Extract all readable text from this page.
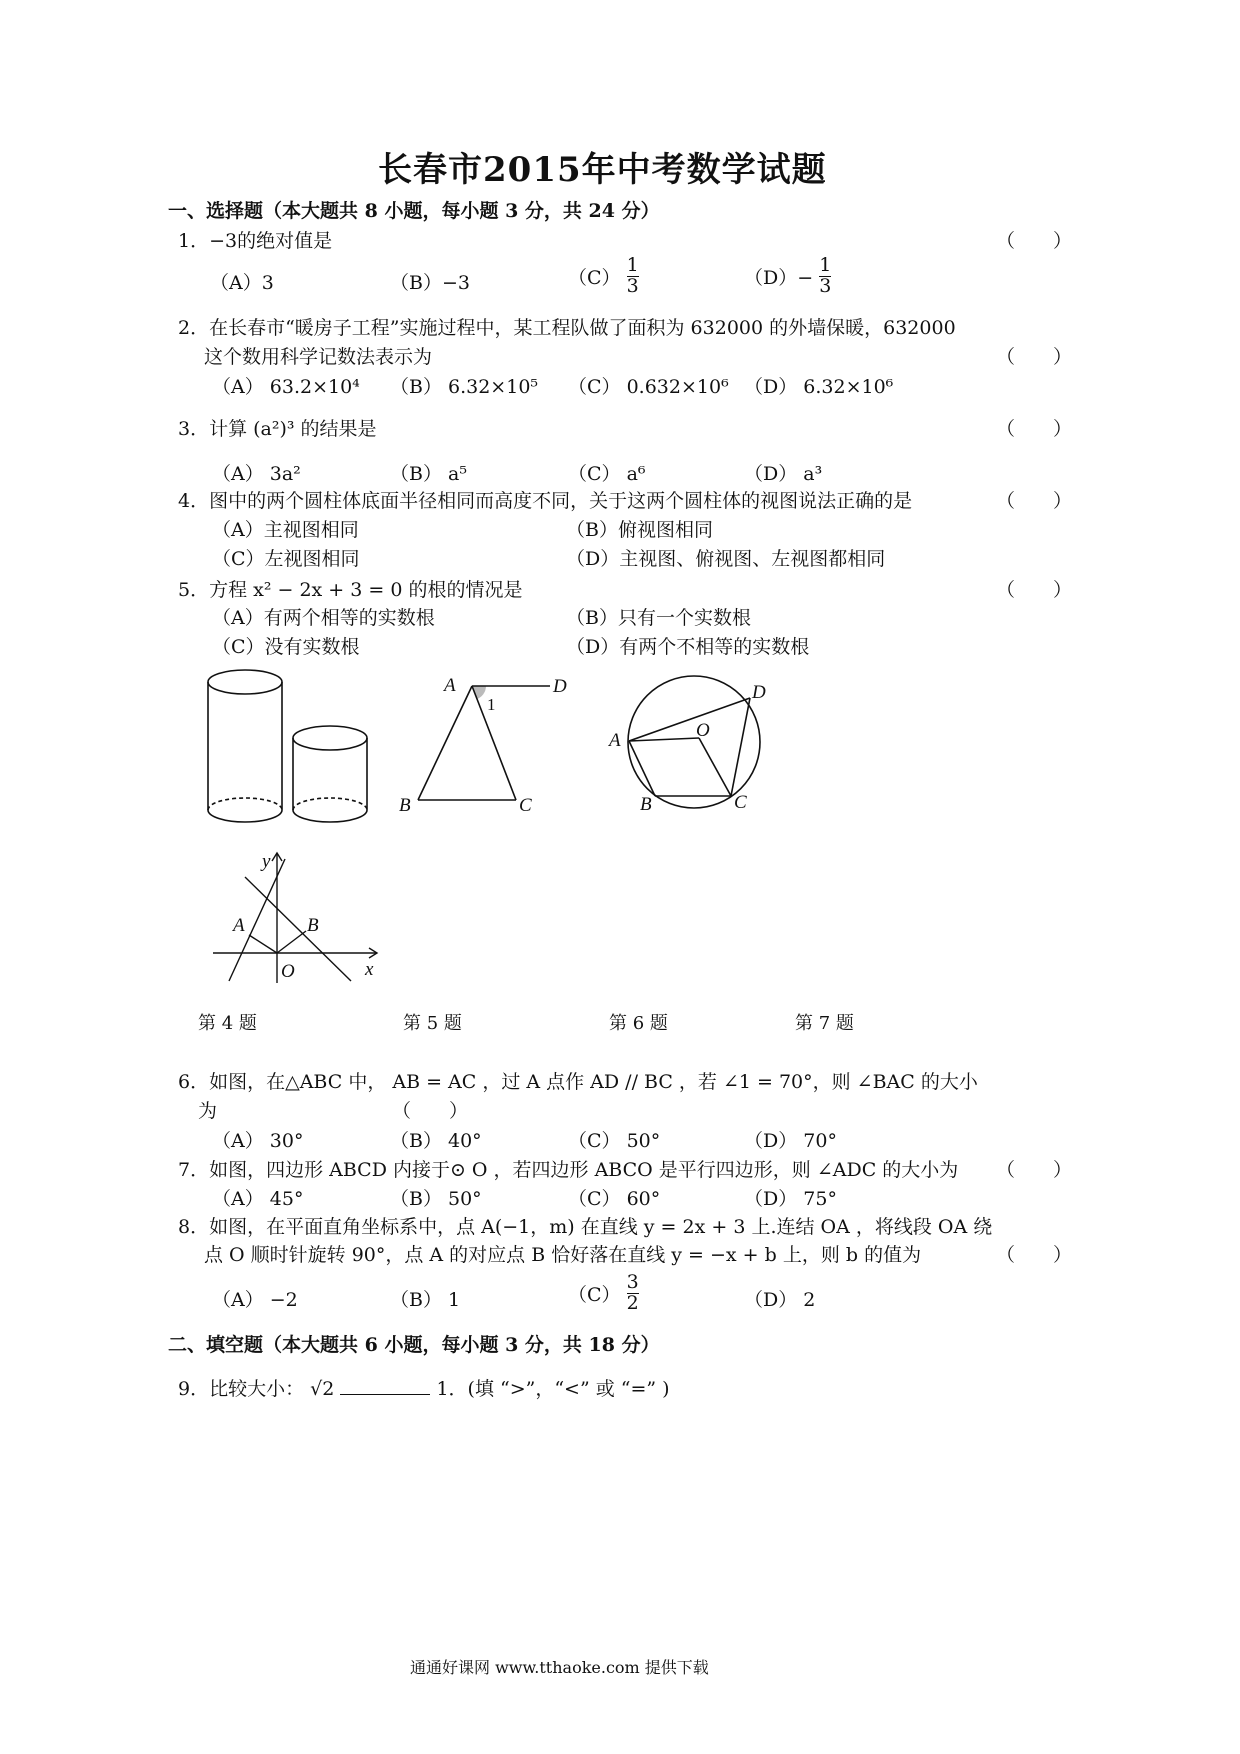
长春市2015年中考数学试题
一、选择题（本大题共 8 小题，每小题 3 分，共 24 分）
1．−3的绝对值是	（　　）
（A）3	（B）−3	$(C) \frac{1}{3}$	$(D)- \frac{1}{3}$
2．在长春市“暖房子工程”实施过程中，某工程队做了面积为 632000 的外墙保暖，632000
这个数用科学记数法表示为	（　　）
（A） 63.2×10⁴ （B） 6.32×10⁵ （C） 0.632×10⁶ （D） 6.32×10⁶
3．计算 (a²)³ 的结果是	（　　）
（A） 3a²	（B） a⁵	（C） a⁶	（D） a³
4．图中的两个圆柱体底面半径相同而高度不同，关于这两个圆柱体的视图说法正确的是	（　　）
（A）主视图相同	（B）俯视图相同
（C）左视图相同	（D）主视图、俯视图、左视图都相同
5．方程 x² − 2x + 3 = 0 的根的情况是	（　　）
（A）有两个相等的实数根	（B）只有一个实数根
（C）没有实数根	（D）有两个不相等的实数根
A	D
1
B	C
A
D
O
B	C
y
x
A	B
O
第 4 题	第 5 题	第 6 题	第 7 题
6．如图，在△ABC 中， AB = AC ，过 A 点作 AD // BC ，若 ∠1 = 70°，则 ∠BAC 的大小
为	（　　）
（A） 30°	（B） 40°	（C） 50°	（D） 70°
7．如图，四边形 ABCD 内接于⊙ O ，若四边形 ABCO 是平行四边形，则 ∠ADC 的大小为 （　　）
（A） 45°	（B） 50°	（C） 60°	（D） 75°
8．如图，在平面直角坐标系中，点 A(−1，m) 在直线 y = 2x + 3 上.连结 OA ，将线段 OA 绕
点 O 顺时针旋转 90°，点 A 的对应点 B 恰好落在直线 y = −x + b 上，则 b 的值为	（　　）
（A） −2	（B） 1	$(C) \frac{3}{2}$	（D） 2
二、填空题（本大题共 6 小题，每小题 3 分，共 18 分）
9．比较大小： √2	1．(填 “>”，“<” 或 “=” )
通通好课网 www.tthaoke.com 提供下载
